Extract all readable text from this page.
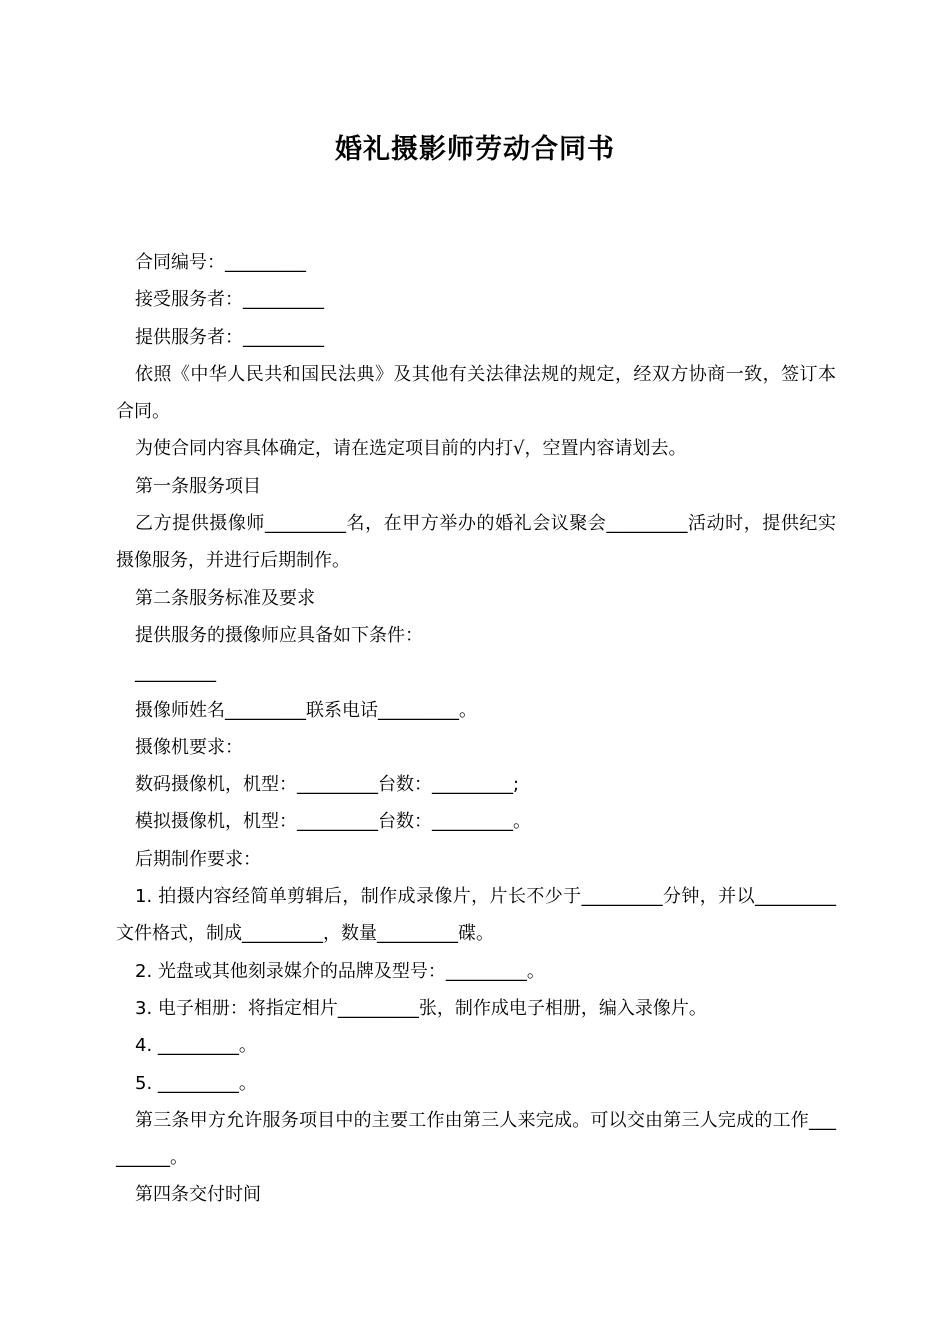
婚礼摄影师劳动合同书

合同编号：_________

接受服务者：_________

提供服务者：_________

依照《中华人民共和国民法典》及其他有关法律法规的规定，经双方协商一致，签订本合同。

为使合同内容具体确定，请在选定项目前的内打√，空置内容请划去。

第一条服务项目

乙方提供摄像师_________名，在甲方举办的婚礼会议聚会_________活动时，提供纪实摄像服务，并进行后期制作。

第二条服务标准及要求

提供服务的摄像师应具备如下条件：

_________

摄像师姓名_________联系电话_________。

摄像机要求：

数码摄像机，机型：_________台数：_________;

模拟摄像机，机型：_________台数：_________。

后期制作要求：

1. 拍摄内容经简单剪辑后，制作成录像片，片长不少于_________分钟，并以_________文件格式，制成_________，数量_________碟。

2. 光盘或其他刻录媒介的品牌及型号：_________。

3. 电子相册：将指定相片_________张，制作成电子相册，编入录像片。

4. _________。

5. _________。

第三条甲方允许服务项目中的主要工作由第三人来完成。可以交由第三人完成的工作_________。

第四条交付时间
